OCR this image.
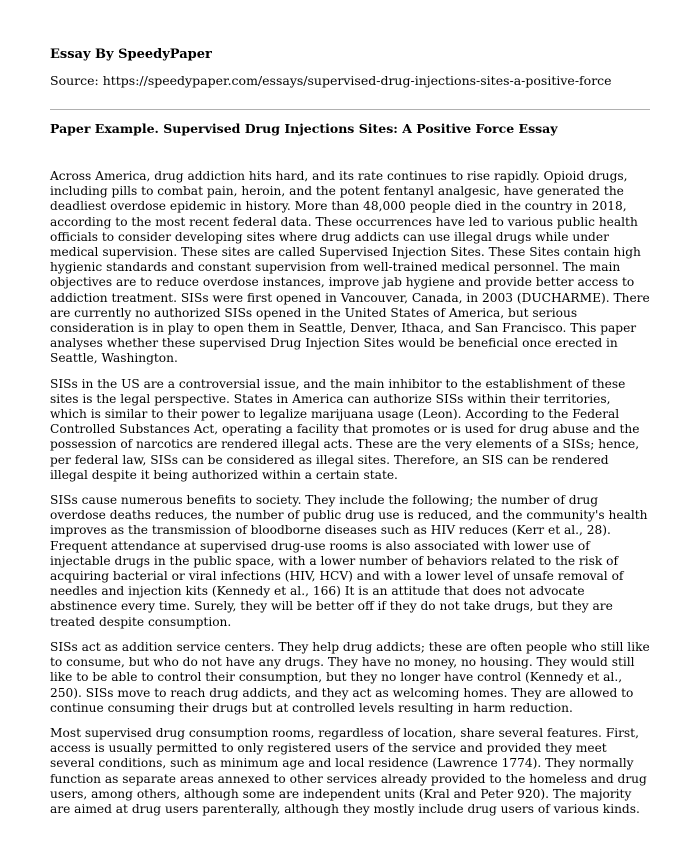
Essay By SpeedyPaper
Source: https://speedypaper.com/essays/supervised-drug-injections-sites-a-positive-force
Paper Example. Supervised Drug Injections Sites: A Positive Force Essay

Across America, drug addiction hits hard, and its rate continues to rise rapidly. Opioid drugs, including pills to combat pain, heroin, and the potent fentanyl analgesic, have generated the deadliest overdose epidemic in history. More than 48,000 people died in the country in 2018, according to the most recent federal data. These occurrences have led to various public health officials to consider developing sites where drug addicts can use illegal drugs while under medical supervision. These sites are called Supervised Injection Sites. These Sites contain high hygienic standards and constant supervision from well-trained medical personnel. The main objectives are to reduce overdose instances, improve jab hygiene and provide better access to addiction treatment. SISs were first opened in Vancouver, Canada, in 2003 (DUCHARME). There are currently no authorized SISs opened in the United States of America, but serious consideration is in play to open them in Seattle, Denver, Ithaca, and San Francisco. This paper analyses whether these supervised Drug Injection Sites would be beneficial once erected in Seattle, Washington.

SISs in the US are a controversial issue, and the main inhibitor to the establishment of these sites is the legal perspective. States in America can authorize SISs within their territories, which is similar to their power to legalize marijuana usage (Leon). According to the Federal Controlled Substances Act, operating a facility that promotes or is used for drug abuse and the possession of narcotics are rendered illegal acts. These are the very elements of a SISs; hence, per federal law, SISs can be considered as illegal sites. Therefore, an SIS can be rendered illegal despite it being authorized within a certain state.

SISs cause numerous benefits to society. They include the following; the number of drug overdose deaths reduces, the number of public drug use is reduced, and the community's health improves as the transmission of bloodborne diseases such as HIV reduces (Kerr et al., 28). Frequent attendance at supervised drug-use rooms is also associated with lower use of injectable drugs in the public space, with a lower number of behaviors related to the risk of acquiring bacterial or viral infections (HIV, HCV) and with a lower level of unsafe removal of needles and injection kits (Kennedy et al., 166) It is an attitude that does not advocate abstinence every time. Surely, they will be better off if they do not take drugs, but they are treated despite consumption.

SISs act as addition service centers. They help drug addicts; these are often people who still like to consume, but who do not have any drugs. They have no money, no housing. They would still like to be able to control their consumption, but they no longer have control (Kennedy et al., 250). SISs move to reach drug addicts, and they act as welcoming homes. They are allowed to continue consuming their drugs but at controlled levels resulting in harm reduction.

Most supervised drug consumption rooms, regardless of location, share several features. First, access is usually permitted to only registered users of the service and provided they meet several conditions, such as minimum age and local residence (Lawrence 1774). They normally function as separate areas annexed to other services already provided to the homeless and drug users, among others, although some are independent units (Kral and Peter 920). The majority are aimed at drug users parenterally, although they mostly include drug users of various kinds.
